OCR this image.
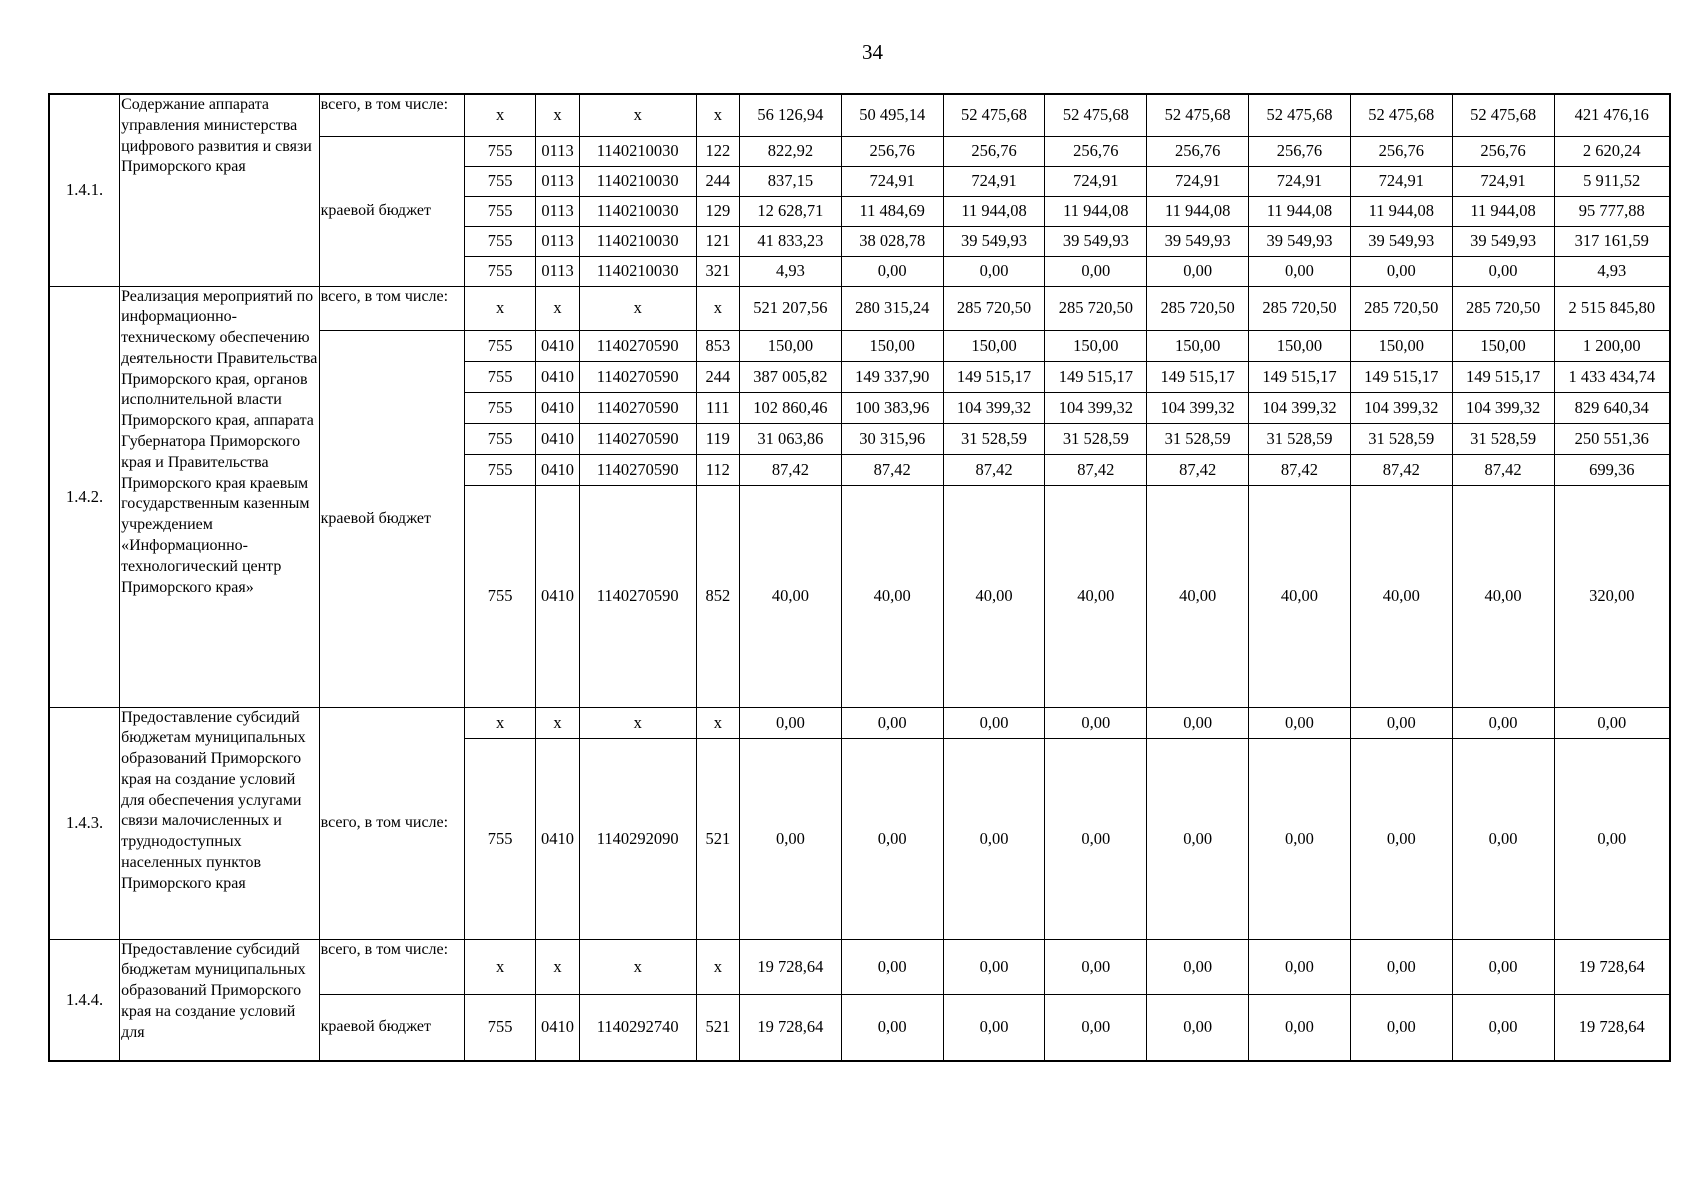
34
1.4.1.	Содержание аппарата управления министерства цифрового развития и связи Приморского края	всего, в том числе:	x	x	x	x	56 126,94	50 495,14	52 475,68	52 475,68	52 475,68	52 475,68	52 475,68	52 475,68	421 476,16
		краевой бюджет	755	0113	1140210030	122	822,92	256,76	256,76	256,76	256,76	256,76	256,76	256,76	2 620,24
			755	0113	1140210030	244	837,15	724,91	724,91	724,91	724,91	724,91	724,91	724,91	5 911,52
			755	0113	1140210030	129	12 628,71	11 484,69	11 944,08	11 944,08	11 944,08	11 944,08	11 944,08	11 944,08	95 777,88
			755	0113	1140210030	121	41 833,23	38 028,78	39 549,93	39 549,93	39 549,93	39 549,93	39 549,93	39 549,93	317 161,59
			755	0113	1140210030	321	4,93	0,00	0,00	0,00	0,00	0,00	0,00	0,00	4,93
1.4.2.	Реализация мероприятий по информационно-техническому обеспечению деятельности Правительства Приморского края, органов исполнительной власти Приморского края, аппарата Губернатора Приморского края и Правительства Приморского края краевым государственным казенным учреждением «Информационно-технологический центр Приморского края»	всего, в том числе:	x	x	x	x	521 207,56	280 315,24	285 720,50	285 720,50	285 720,50	285 720,50	285 720,50	285 720,50	2 515 845,80
		краевой бюджет	755	0410	1140270590	853	150,00	150,00	150,00	150,00	150,00	150,00	150,00	150,00	1 200,00
			755	0410	1140270590	244	387 005,82	149 337,90	149 515,17	149 515,17	149 515,17	149 515,17	149 515,17	149 515,17	1 433 434,74
			755	0410	1140270590	111	102 860,46	100 383,96	104 399,32	104 399,32	104 399,32	104 399,32	104 399,32	104 399,32	829 640,34
			755	0410	1140270590	119	31 063,86	30 315,96	31 528,59	31 528,59	31 528,59	31 528,59	31 528,59	31 528,59	250 551,36
			755	0410	1140270590	112	87,42	87,42	87,42	87,42	87,42	87,42	87,42	87,42	699,36
			755	0410	1140270590	852	40,00	40,00	40,00	40,00	40,00	40,00	40,00	40,00	320,00
1.4.3.	Предоставление субсидий бюджетам муниципальных образований Приморского края на создание условий для обеспечения услугами связи малочисленных и труднодоступных населенных пунктов Приморского края	всего, в том числе:	x	x	x	x	0,00	0,00	0,00	0,00	0,00	0,00	0,00	0,00	0,00
			755	0410	1140292090	521	0,00	0,00	0,00	0,00	0,00	0,00	0,00	0,00	0,00
1.4.4.	Предоставление субсидий бюджетам муниципальных образований Приморского края на создание условий для	всего, в том числе:	x	x	x	x	19 728,64	0,00	0,00	0,00	0,00	0,00	0,00	0,00	19 728,64
		краевой бюджет	755	0410	1140292740	521	19 728,64	0,00	0,00	0,00	0,00	0,00	0,00	0,00	19 728,64
